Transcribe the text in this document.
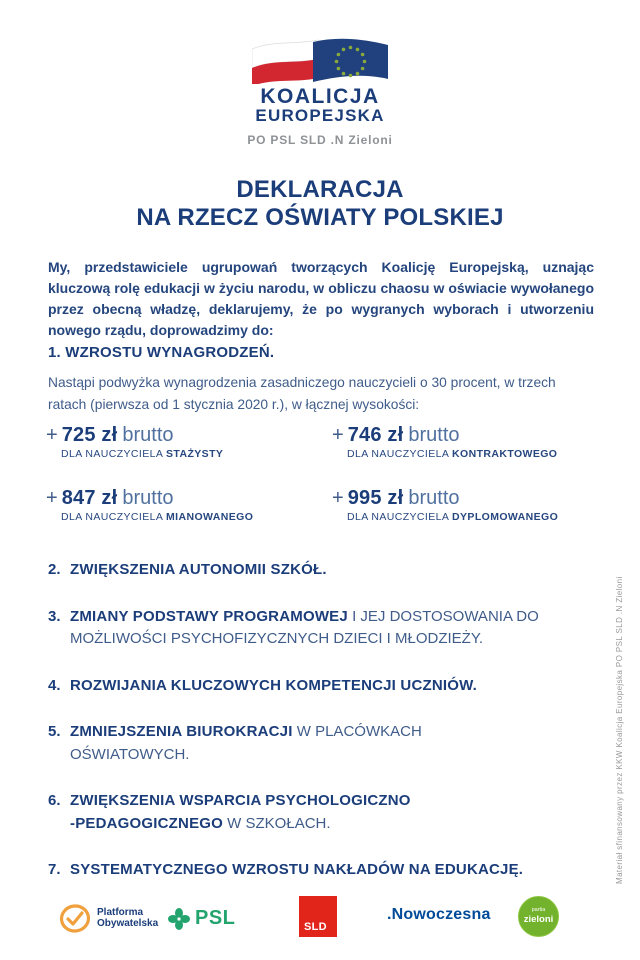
KOALICJA
EUROPEJSKA
PO PSL SLD .N Zieloni
DEKLARACJA
NA RZECZ OŚWIATY POLSKIEJ
My, przedstawiciele ugrupowań tworzących Koalicję Europejską, uznając kluczową rolę edukacji w życiu narodu, w obliczu chaosu w oświacie wywołanego przez obecną władzę, deklarujemy, że po wygranych wyborach i utworzeniu nowego rządu, doprowadzimy do:
1. WZROSTU WYNAGRODZEŃ.
Nastąpi podwyżka wynagrodzenia zasadniczego nauczycieli o 30 procent, w trzech ratach (pierwsza od 1 stycznia 2020 r.), w łącznej wysokości:
+ 725 zł brutto
DLA NAUCZYCIELA STAŻYSTY
+ 746 zł brutto
DLA NAUCZYCIELA KONTRAKTOWEGO
+ 847 zł brutto
DLA NAUCZYCIELA MIANOWANEGO
+ 995 zł brutto
DLA NAUCZYCIELA DYPLOMOWANEGO
2. ZWIĘKSZENIA AUTONOMII SZKÓŁ.
3. ZMIANY PODSTAWY PROGRAMOWEJ I JEJ DOSTOSOWANIA DO
MOŻLIWOŚCI PSYCHOFIZYCZNYCH DZIECI I MŁODZIEŻY.
4. ROZWIJANIA KLUCZOWYCH KOMPETENCJI UCZNIÓW.
5. ZMNIEJSZENIA BIUROKRACJI W PLACÓWKACH
OŚWIATOWYCH.
6. ZWIĘKSZENIA WSPARCIA PSYCHOLOGICZNO
-PEDAGOGICZNEGO W SZKOŁACH.
7. SYSTEMATYCZNEGO WZROSTU NAKŁADÓW NA EDUKACJĘ.
Platforma
Obywatelska PSL	SLD
.Nowoczesna	partia
zieloni
Materiał sfinansowany przez KKW Koalicja Europejska PO PSL SLD .N Zieloni
